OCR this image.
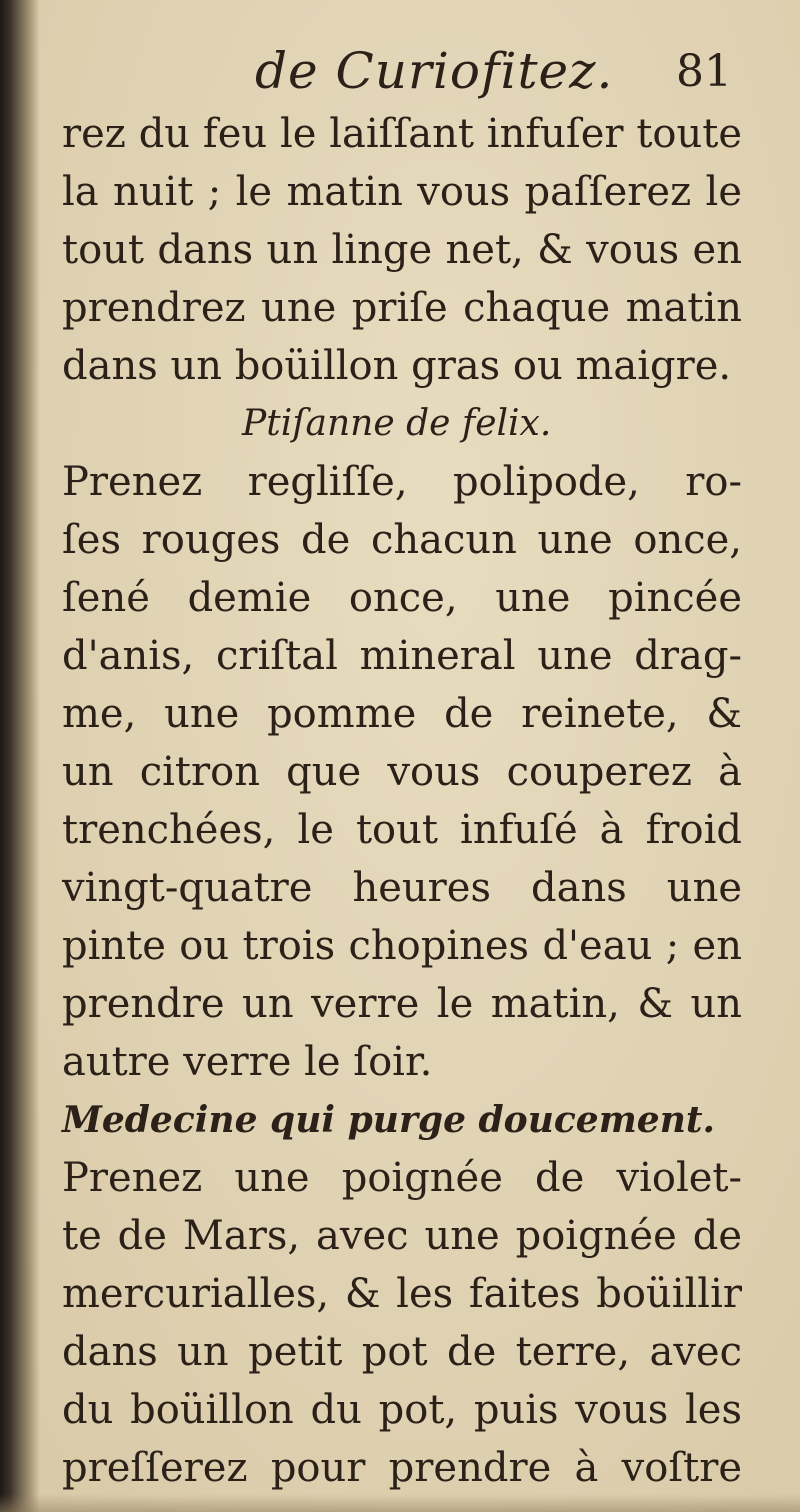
de Curiofitez. 81
rez du feu le laiſſant infuſer toute
la nuit ; le matin vous paſſerez le
tout dans un linge net, & vous en
prendrez une priſe chaque matin
dans un boüillon gras ou maigre.
Ptiſanne de felix.
Prenez regliſſe, polipode, ro-
ſes rouges de chacun une once,
ſené demie once, une pincée
d'anis, criſtal mineral une drag-
me, une pomme de reinete, &
un citron que vous couperez à
trenchées, le tout infuſé à froid
vingt-quatre heures dans une
pinte ou trois chopines d'eau ; en
prendre un verre le matin, & un
autre verre le ſoir.
Medecine qui purge doucement.
Prenez une poignée de violet-
te de Mars, avec une poignée de
mercurialles, & les faites boüillir
dans un petit pot de terre, avec
du boüillon du pot, puis vous les
preſſerez pour prendre à voſtre
